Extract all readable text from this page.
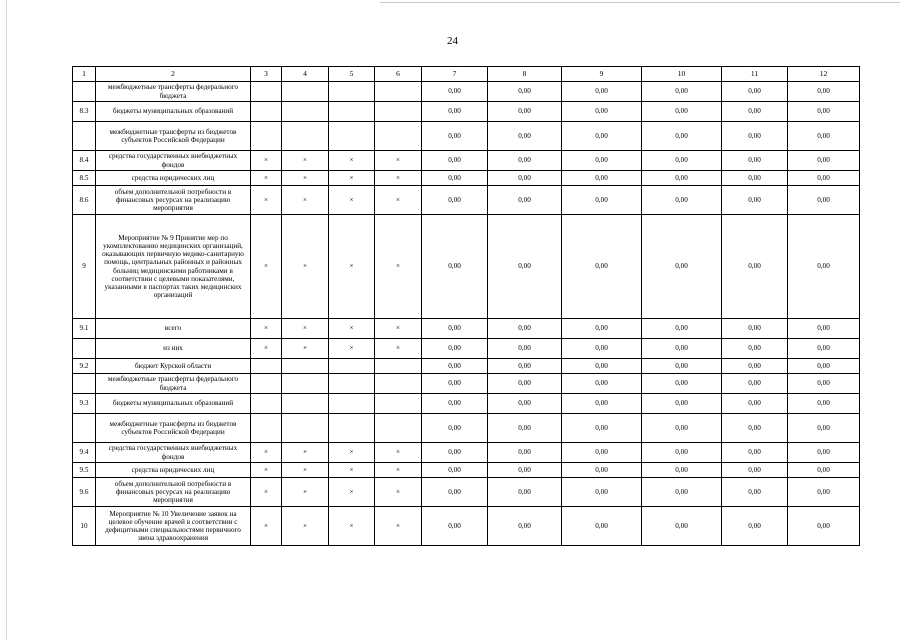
24
1	2	3	4	5	6	7	8	9	10	11	12
	межбюджетные трансферты федерального бюджета					0,00	0,00	0,00	0,00	0,00	0,00
8.3	бюджеты муниципальных образований					0,00	0,00	0,00	0,00	0,00	0,00
	межбюджетные трансферты из бюджетов субъектов Российской Федерации					0,00	0,00	0,00	0,00	0,00	0,00
8.4	средства государственных внебюджетных фондов	×	×	×	×	0,00	0,00	0,00	0,00	0,00	0,00
8.5	средства юридических лиц	×	×	×	×	0,00	0,00	0,00	0,00	0,00	0,00
8.6	объем дополнительной потребности в финансовых ресурсах на реализацию мероприятия	×	×	×	×	0,00	0,00	0,00	0,00	0,00	0,00
9	Мероприятие № 9 Принятие мер по укомплектованию медицинских организаций, оказывающих первичную медико-санитарную помощь, центральных районных и районных больниц медицинскими работниками в соответствии с целевыми показателями, указанными в паспортах таких медицинских организаций	×	×	×	×	0,00	0,00	0,00	0,00	0,00	0,00
9.1	всего	×	×	×	×	0,00	0,00	0,00	0,00	0,00	0,00
	из них	×	×	×	×	0,00	0,00	0,00	0,00	0,00	0,00
9.2	бюджет Курской области					0,00	0,00	0,00	0,00	0,00	0,00
	межбюджетные трансферты федерального бюджета					0,00	0,00	0,00	0,00	0,00	0,00
9.3	бюджеты муниципальных образований					0,00	0,00	0,00	0,00	0,00	0,00
	межбюджетные трансферты из бюджетов субъектов Российской Федерации					0,00	0,00	0,00	0,00	0,00	0,00
9.4	средства государственных внебюджетных фондов	×	×	×	×	0,00	0,00	0,00	0,00	0,00	0,00
9.5	средства юридических лиц	×	×	×	×	0,00	0,00	0,00	0,00	0,00	0,00
9.6	объем дополнительной потребности в финансовых ресурсах на реализацию мероприятия	×	×	×	×	0,00	0,00	0,00	0,00	0,00	0,00
10	Мероприятие № 10 Увеличение заявок на целевое обучение врачей в соответствии с дефицитными специальностями первичного звена здравоохранения	×	×	×	×	0,00	0,00	0,00	0,00	0,00	0,00
